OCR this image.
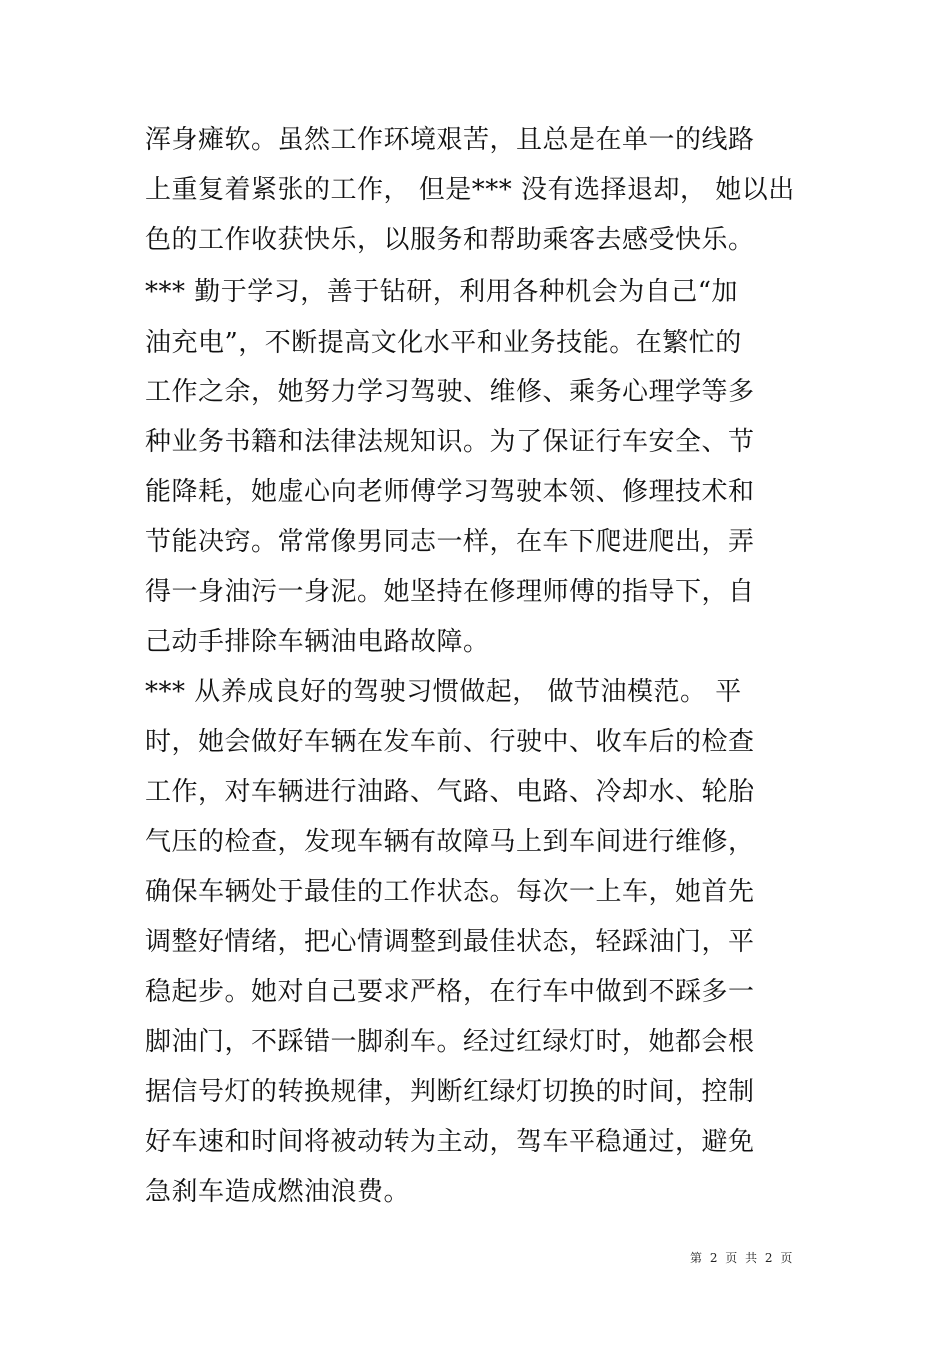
浑身瘫软。虽然工作环境艰苦，且总是在单一的线路
上重复着紧张的工作， 但是*** 没有选择退却， 她以出
色的工作收获快乐，以服务和帮助乘客去感受快乐。
*** 勤于学习，善于钻研，利用各种机会为自己“加
油充电”，不断提高文化水平和业务技能。在繁忙的
工作之余，她努力学习驾驶、维修、乘务心理学等多
种业务书籍和法律法规知识。为了保证行车安全、节
能降耗，她虚心向老师傅学习驾驶本领、修理技术和
节能决窍。常常像男同志一样，在车下爬进爬出，弄
得一身油污一身泥。她坚持在修理师傅的指导下，自
己动手排除车辆油电路故障。
*** 从养成良好的驾驶习惯做起， 做节油模范。 平
时，她会做好车辆在发车前、行驶中、收车后的检查
工作，对车辆进行油路、气路、电路、冷却水、轮胎
气压的检查，发现车辆有故障马上到车间进行维修，
确保车辆处于最佳的工作状态。每次一上车，她首先
调整好情绪，把心情调整到最佳状态，轻踩油门，平
稳起步。她对自己要求严格，在行车中做到不踩多一
脚油门，不踩错一脚刹车。经过红绿灯时，她都会根
据信号灯的转换规律，判断红绿灯切换的时间，控制
好车速和时间将被动转为主动，驾车平稳通过，避免
急刹车造成燃油浪费。
第 2 页 共 2 页
